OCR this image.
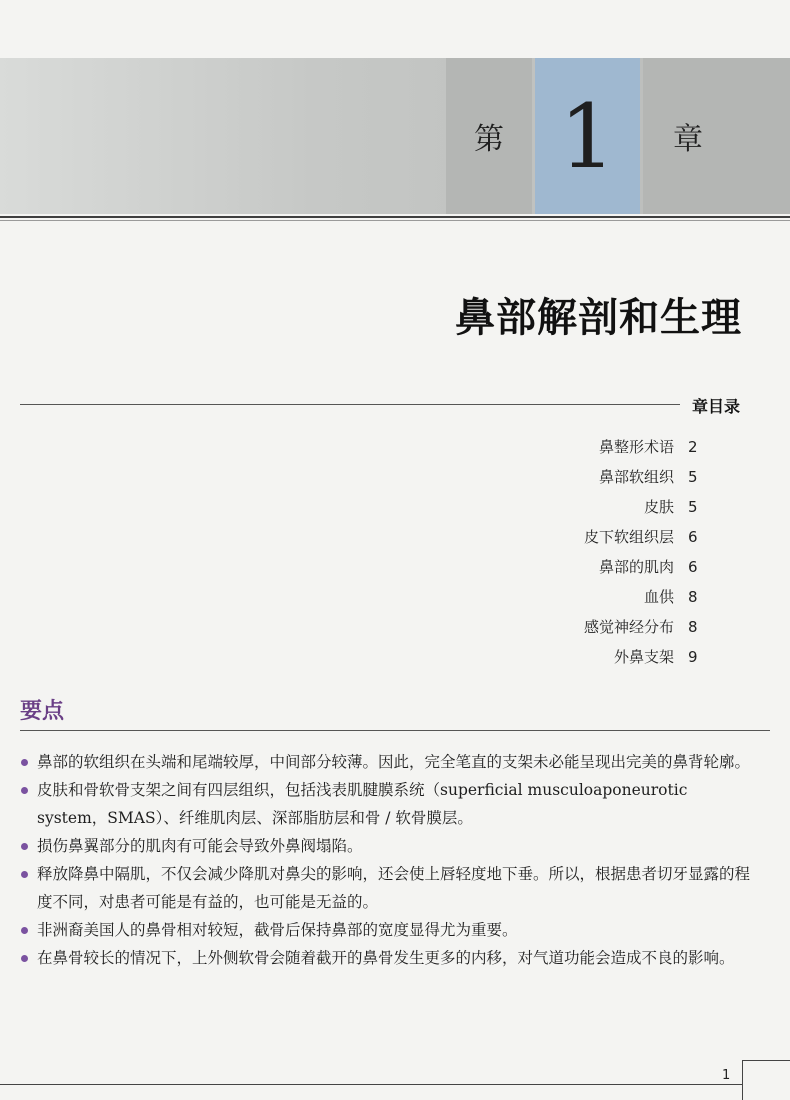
第 1	章
鼻部解剖和生理
章目录
鼻整形术语 2
鼻部软组织 5
皮肤 5
皮下软组织层 6
鼻部的肌肉 6
血供 8
感觉神经分布 8
外鼻支架 9
要点
鼻部的软组织在头端和尾端较厚，中间部分较薄。因此，完全笔直的支架未必能呈现出完美的鼻背轮廓。
皮肤和骨软骨支架之间有四层组织，包括浅表肌腱膜系统（superficial musculoaponeurotic system，SMAS）、纤维肌肉层、深部脂肪层和骨 / 软骨膜层。
损伤鼻翼部分的肌肉有可能会导致外鼻阀塌陷。
释放降鼻中隔肌，不仅会减少降肌对鼻尖的影响，还会使上唇轻度地下垂。所以，根据患者切牙显露的程度不同，对患者可能是有益的，也可能是无益的。
非洲裔美国人的鼻骨相对较短，截骨后保持鼻部的宽度显得尤为重要。
在鼻骨较长的情况下，上外侧软骨会随着截开的鼻骨发生更多的内移，对气道功能会造成不良的影响。
1
